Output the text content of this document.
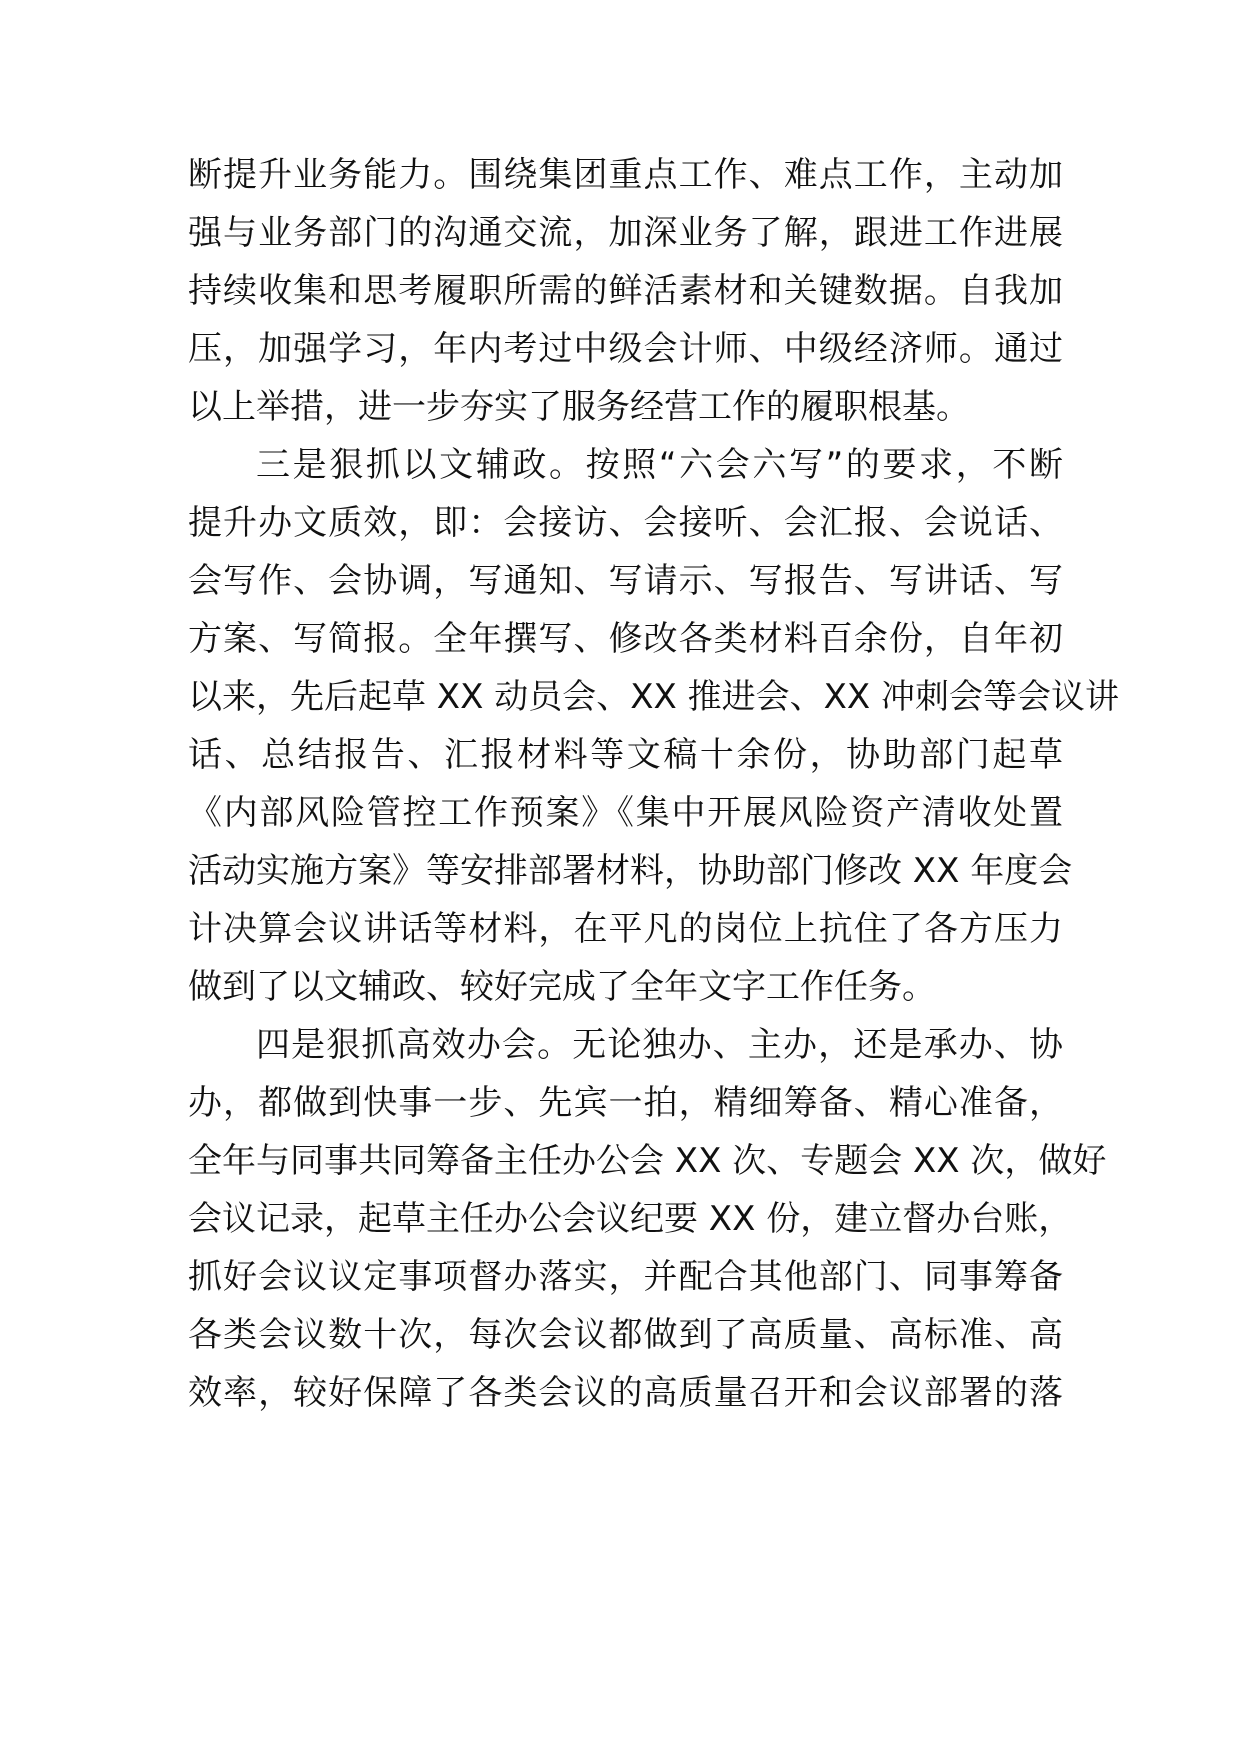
断提升业务能力。围绕集团重点工作、难点工作，主动加
强与业务部门的沟通交流，加深业务了解，跟进工作进展
持续收集和思考履职所需的鲜活素材和关键数据。自我加
压，加强学习，年内考过中级会计师、中级经济师。通过
以上举措，进一步夯实了服务经营工作的履职根基。
三是狠抓以文辅政。按照“六会六写”的要求，不断
提升办文质效，即：会接访、会接听、会汇报、会说话、
会写作、会协调，写通知、写请示、写报告、写讲话、写
方案、写简报。全年撰写、修改各类材料百余份，自年初
以来，先后起草 XX 动员会、XX 推进会、XX 冲刺会等会议讲
话、总结报告、汇报材料等文稿十余份，协助部门起草
《内部风险管控工作预案》《集中开展风险资产清收处置
活动实施方案》等安排部署材料，协助部门修改 XX 年度会
计决算会议讲话等材料，在平凡的岗位上抗住了各方压力
做到了以文辅政、较好完成了全年文字工作任务。
四是狠抓高效办会。无论独办、主办，还是承办、协
办，都做到快事一步、先宾一拍，精细筹备、精心准备，
全年与同事共同筹备主任办公会 XX 次、专题会 XX 次，做好
会议记录，起草主任办公会议纪要 XX 份，建立督办台账，
抓好会议议定事项督办落实，并配合其他部门、同事筹备
各类会议数十次，每次会议都做到了高质量、高标准、高
效率，较好保障了各类会议的高质量召开和会议部署的落
